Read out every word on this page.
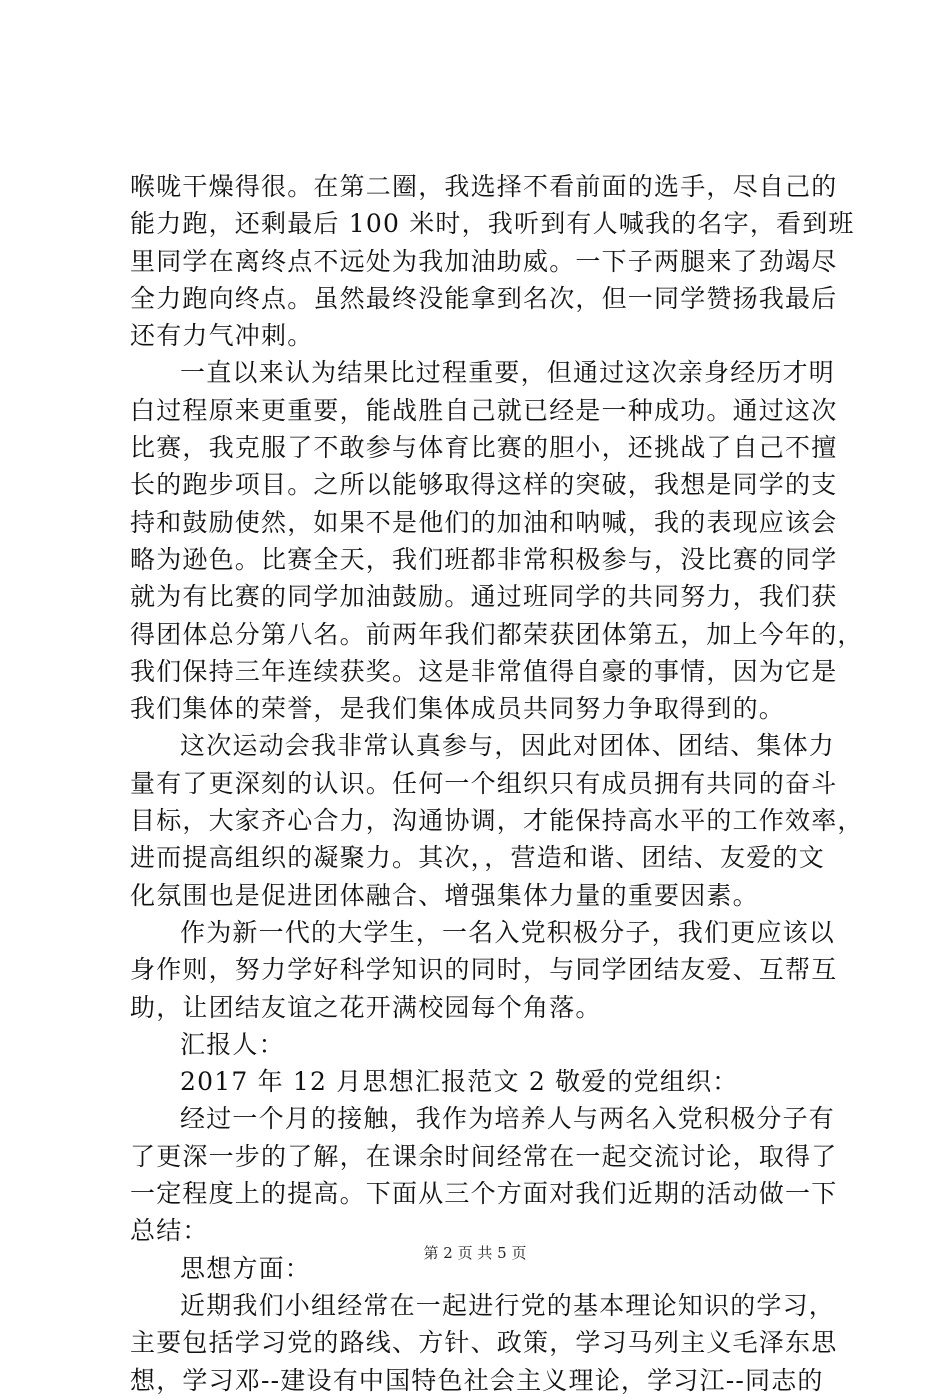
喉咙干燥得很。在第二圈，我选择不看前面的选手，尽自己的
能力跑，还剩最后 100 米时，我听到有人喊我的名字，看到班
里同学在离终点不远处为我加油助威。一下子两腿来了劲竭尽
全力跑向终点。虽然最终没能拿到名次，但一同学赞扬我最后
还有力气冲刺。
一直以来认为结果比过程重要，但通过这次亲身经历才明
白过程原来更重要，能战胜自己就已经是一种成功。通过这次
比赛，我克服了不敢参与体育比赛的胆小，还挑战了自己不擅
长的跑步项目。之所以能够取得这样的突破，我想是同学的支
持和鼓励使然，如果不是他们的加油和呐喊，我的表现应该会
略为逊色。比赛全天，我们班都非常积极参与，没比赛的同学
就为有比赛的同学加油鼓励。通过班同学的共同努力，我们获
得团体总分第八名。前两年我们都荣获团体第五，加上今年的，
我们保持三年连续获奖。这是非常值得自豪的事情，因为它是
我们集体的荣誉，是我们集体成员共同努力争取得到的。
这次运动会我非常认真参与，因此对团体、团结、集体力
量有了更深刻的认识。任何一个组织只有成员拥有共同的奋斗
目标，大家齐心合力，沟通协调，才能保持高水平的工作效率，
进而提高组织的凝聚力。其次，，营造和谐、团结、友爱的文
化氛围也是促进团体融合、增强集体力量的重要因素。
作为新一代的大学生，一名入党积极分子，我们更应该以
身作则，努力学好科学知识的同时，与同学团结友爱、互帮互
助，让团结友谊之花开满校园每个角落。
汇报人：
2017 年 12 月思想汇报范文 2 敬爱的党组织：
经过一个月的接触，我作为培养人与两名入党积极分子有
了更深一步的了解，在课余时间经常在一起交流讨论，取得了
一定程度上的提高。下面从三个方面对我们近期的活动做一下
总结：
思想方面：
近期我们小组经常在一起进行党的基本理论知识的学习，
主要包括学习党的路线、方针、政策，学习马列主义毛泽东思
想，学习邓--建设有中国特色社会主义理论，学习江--同志的
第 2 页 共 5 页
